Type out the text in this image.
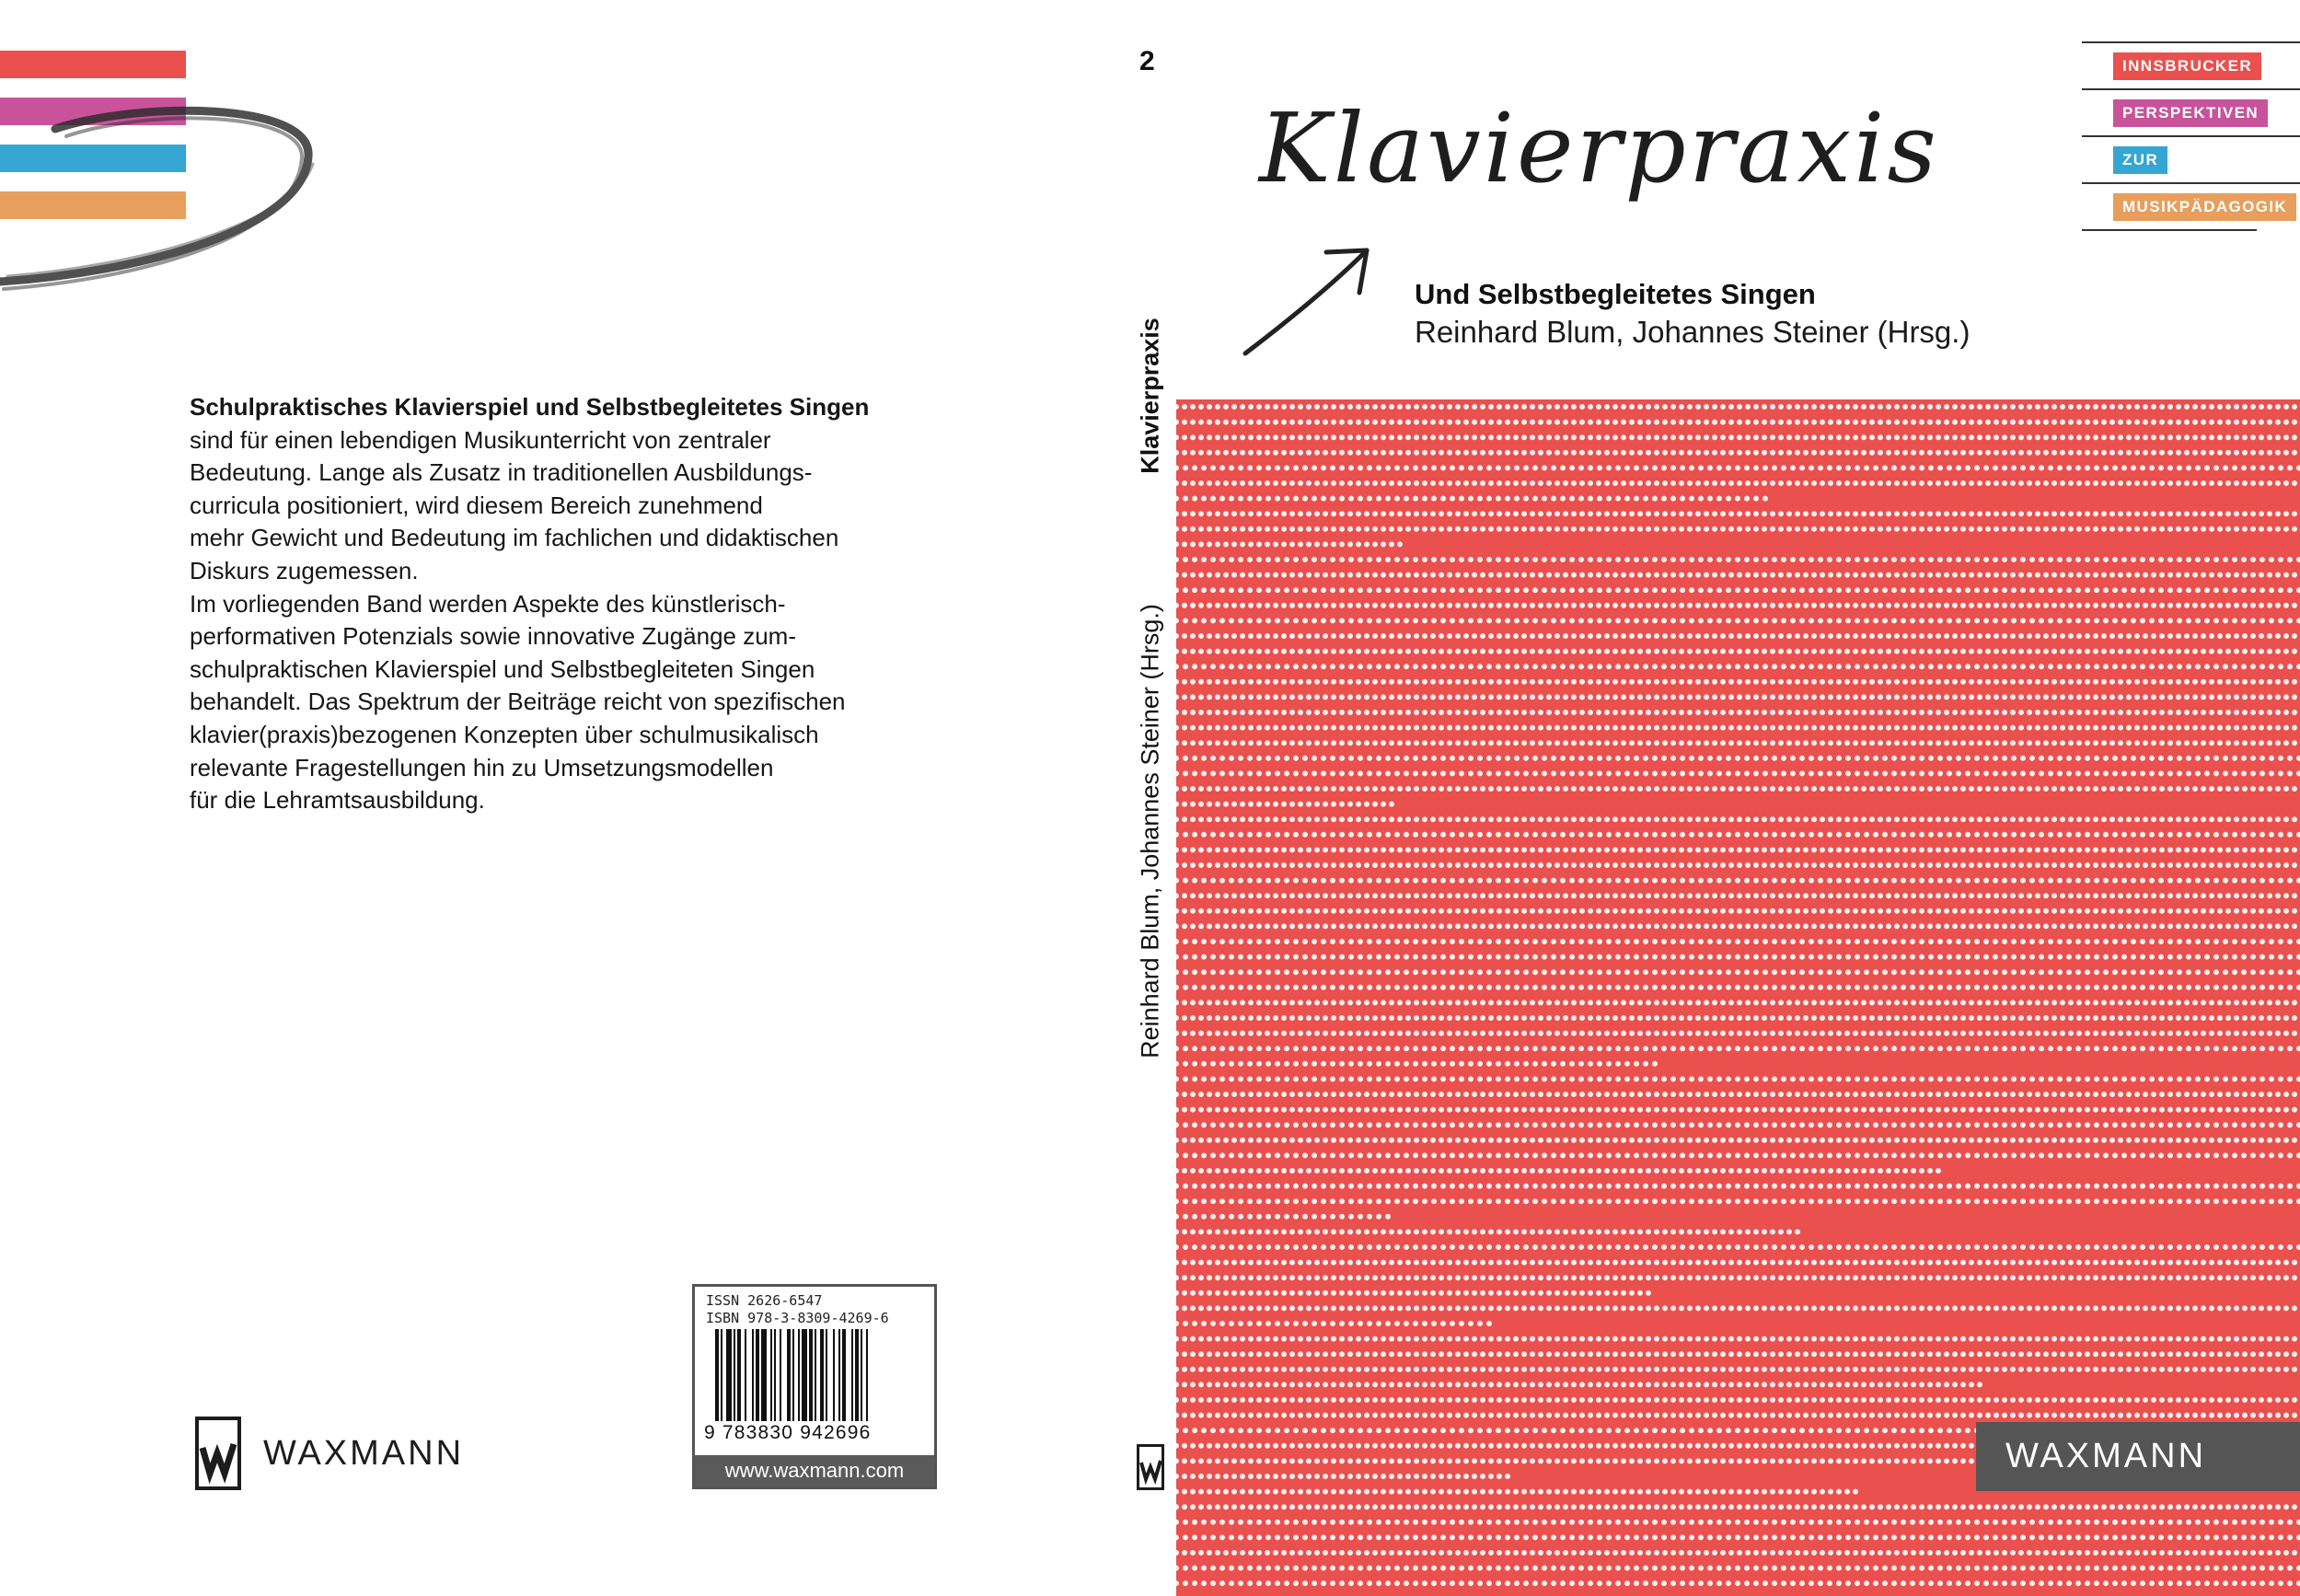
Schulpraktisches Klavierspiel und Selbstbegleitetes Singen

sind für einen lebendigen Musikunterricht von zentraler
Bedeutung. Lange als Zusatz in traditionellen Ausbildungs-
curricula positioniert, wird diesem Bereich zunehmend
mehr Gewicht und Bedeutung im fachlichen und didaktischen
Diskurs zugemessen.

Im vorliegenden Band werden Aspekte des künstlerisch-
performativen Potenzials sowie innovative Zugänge zum-
schulpraktischen Klavierspiel und Selbstbegleiteten Singen
behandelt. Das Spektrum der Beiträge reicht von spezifischen
klavier(praxis)bezogenen Konzepten über schulmusikalisch
relevante Fragestellungen hin zu Umsetzungsmodellen
für die Lehramtsausbildung.

WAXMANN
ISSN 2626-6547
ISBN 978-3-8309-4269-6
9 783830 942696
www.waxmann.com
2
Klavierpraxis
Reinhard Blum, Johannes Steiner (Hrsg.)
INNSBRUCKER
PERSPEKTIVEN
ZUR
MUSIKPÄDAGOGIK
Klavierpraxis
Und Selbstbegleitetes Singen
Reinhard Blum, Johannes Steiner (Hrsg.)
WAXMANN
